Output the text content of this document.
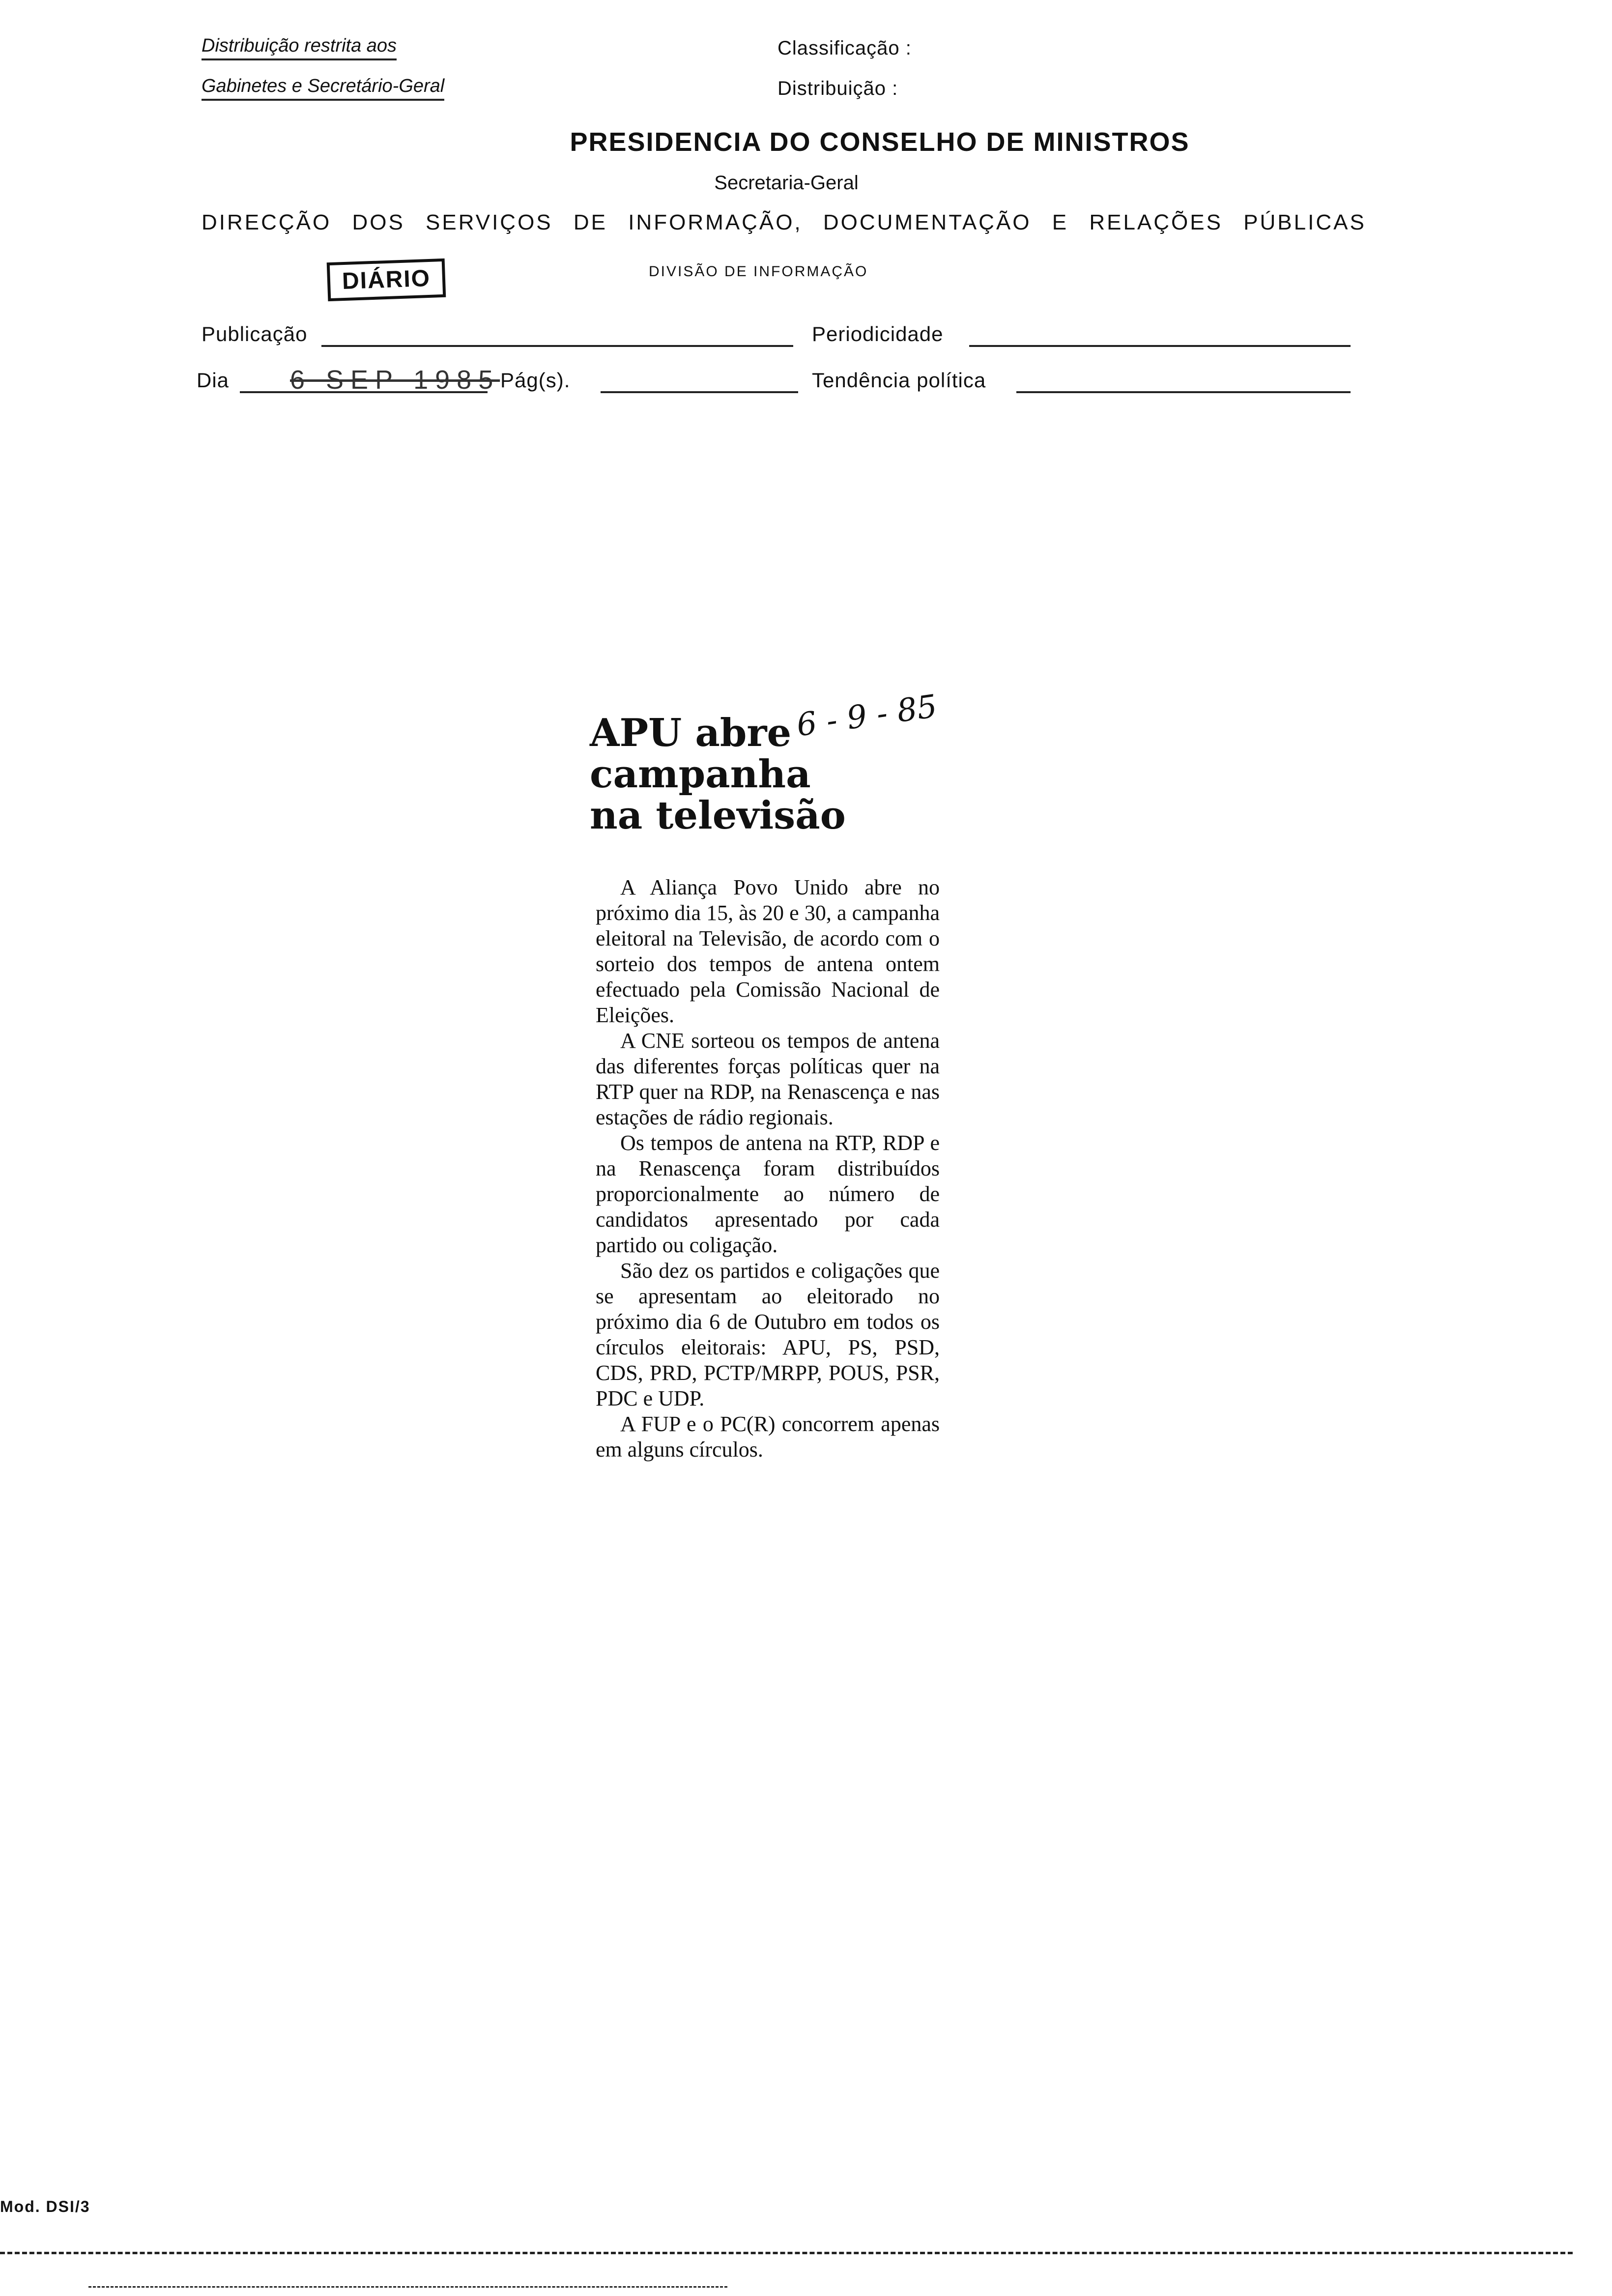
Distribuição restrita aos
Gabinetes e Secretário-Geral
Classificação :
Distribuição :
PRESIDENCIA DO CONSELHO DE MINISTROS
Secretaria-Geral
DIRECÇÃO DOS SERVIÇOS DE INFORMAÇÃO, DOCUMENTAÇÃO E RELAÇÕES PÚBLICAS
DIÁRIO	DIVISÃO DE INFORMAÇÃO
Publicação	Periodicidade
Dia 6 SEP 1985 Pág(s).	Tendência política
APU abre
campanha
na televisão
6 - 9 - 85

A Aliança Povo Unido abre no próximo dia 15, às 20 e 30, a campanha eleitoral na Televisão, de acordo com o sorteio dos tempos de antena ontem efectuado pela Comissão Nacional de Eleições.

A CNE sorteou os tempos de antena das diferentes forças políticas quer na RTP quer na RDP, na Renascença e nas estações de rádio regionais.

Os tempos de antena na RTP, RDP e na Renascença foram distribuídos proporcionalmente ao número de candidatos apresentado por cada partido ou coligação.

São dez os partidos e coligações que se apresentam ao eleitorado no próximo dia 6 de Outubro em todos os círculos eleitorais: APU, PS, PSD, CDS, PRD, PCTP/MRPP, POUS, PSR, PDC e UDP.

A FUP e o PC(R) concorrem apenas em alguns círculos.

Mod. DSI/3
